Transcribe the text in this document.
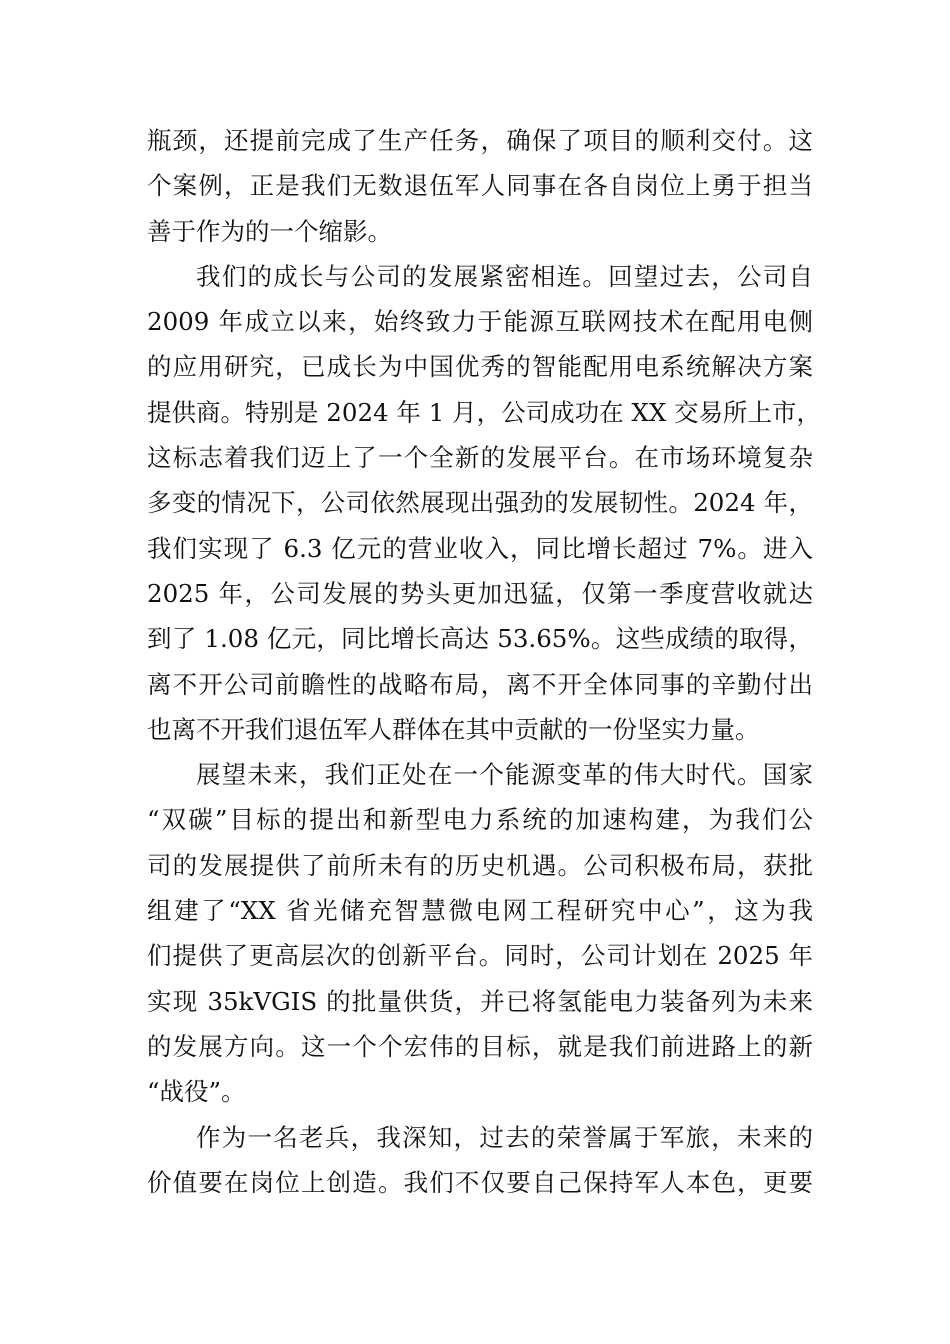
瓶颈，还提前完成了生产任务，确保了项目的顺利交付。这
个案例，正是我们无数退伍军人同事在各自岗位上勇于担当
善于作为的一个缩影。
我们的成长与公司的发展紧密相连。回望过去，公司自
2009 年成立以来，始终致力于能源互联网技术在配用电侧
的应用研究，已成长为中国优秀的智能配用电系统解决方案
提供商。特别是 2024 年 1 月，公司成功在 XX 交易所上市，
这标志着我们迈上了一个全新的发展平台。在市场环境复杂
多变的情况下，公司依然展现出强劲的发展韧性。2024 年，
我们实现了 6.3 亿元的营业收入，同比增长超过 7%。进入
2025 年，公司发展的势头更加迅猛，仅第一季度营收就达
到了 1.08 亿元，同比增长高达 53.65%。这些成绩的取得，
离不开公司前瞻性的战略布局，离不开全体同事的辛勤付出
也离不开我们退伍军人群体在其中贡献的一份坚实力量。
展望未来，我们正处在一个能源变革的伟大时代。国家
“双碳”目标的提出和新型电力系统的加速构建，为我们公
司的发展提供了前所未有的历史机遇。公司积极布局，获批
组建了“XX 省光储充智慧微电网工程研究中心”，这为我
们提供了更高层次的创新平台。同时，公司计划在 2025 年
实现 35kVGIS 的批量供货，并已将氢能电力装备列为未来
的发展方向。这一个个宏伟的目标，就是我们前进路上的新
“战役”。
作为一名老兵，我深知，过去的荣誉属于军旅，未来的
价值要在岗位上创造。我们不仅要自己保持军人本色，更要
